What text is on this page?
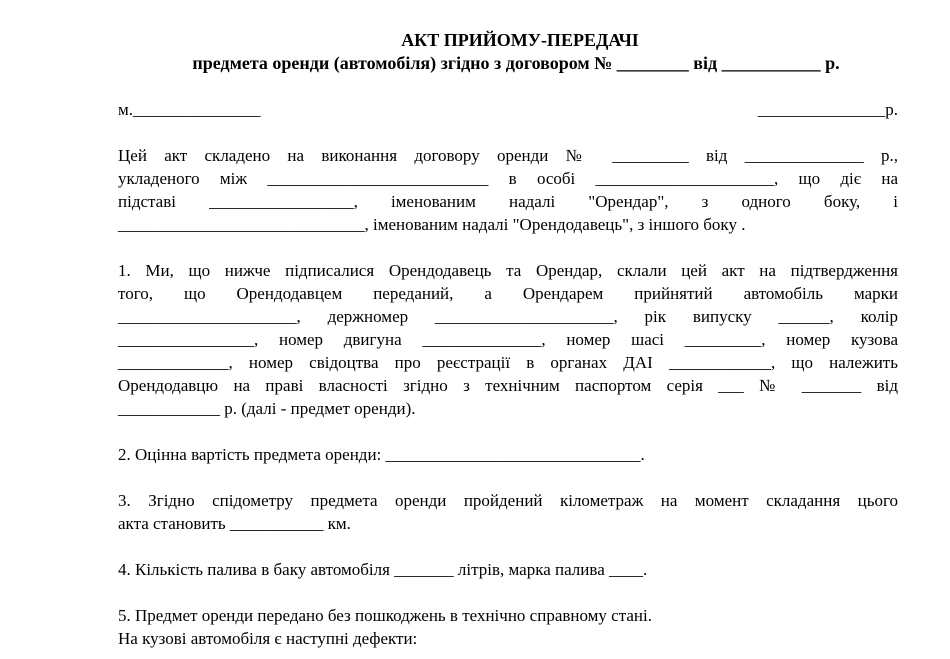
АКТ ПРИЙОМУ-ПЕРЕДАЧІ
предмета оренди (автомобіля) згідно з договором № ________ від ___________ р.
м._______________	_______________р.
Цей акт складено на виконання договору оренди № _________ від ______________ р.,
укладеного між __________________________ в особі _____________________, що діє на
підставі _________________, іменованим надалі "Орендар", з одного боку, і
_____________________________, іменованим надалі "Орендодавець", з іншого боку .
1. Ми, що нижче підписалися Орендодавець та Орендар, склали цей акт на підтвердження
того, що Орендодавцем переданий, а Орендарем прийнятий автомобіль марки
_____________________, держномер _____________________, рік випуску ______, колір
________________, номер двигуна ______________, номер шасі _________, номер кузова
_____________, номер свідоцтва про реєстрації в органах ДАІ ____________, що належить
Орендодавцю на праві власності згідно з технічним паспортом серія ___ № _______ від
____________ р. (далі - предмет оренди).
2. Оцінна вартість предмета оренди: ______________________________.
3. Згідно спідометру предмета оренди пройдений кілометраж на момент складання цього
акта становить ___________ км.
4. Кількість палива в баку автомобіля _______ літрів, марка палива ____.
5. Предмет оренди передано без пошкоджень в технічно справному стані.
На кузові автомобіля є наступні дефекти:
